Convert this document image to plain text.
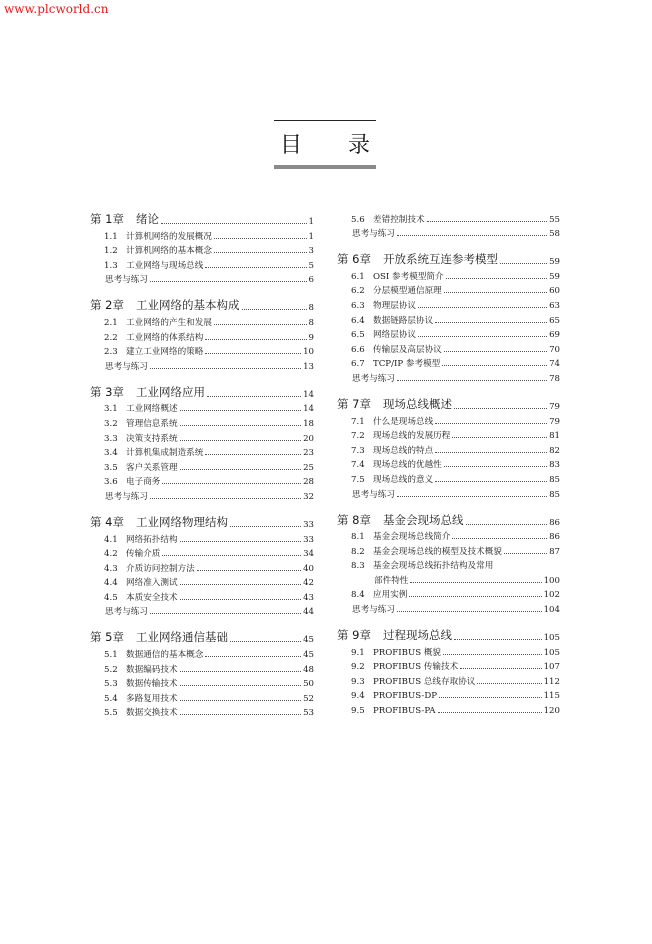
www.plcworld.cn
目 录
第 1章	绪论	1
1.1 计算机网络的发展概况	1
1.2 计算机网络的基本概念	3
1.3 工业网络与现场总线	5
思考与练习	6
第 2章	工业网络的基本构成	8
2.1 工业网络的产生和发展	8
2.2 工业网络的体系结构	9
2.3 建立工业网络的策略	10
思考与练习	13
第 3章	工业网络应用	14
3.1 工业网络概述	14
3.2 管理信息系统	18
3.3 决策支持系统	20
3.4 计算机集成制造系统	23
3.5 客户关系管理	25
3.6 电子商务	28
思考与练习	32
第 4章	工业网络物理结构	33
4.1 网络拓扑结构	33
4.2 传输介质	34
4.3 介质访问控制方法	40
4.4 网络准入测试	42
4.5 本质安全技术	43
思考与练习	44
第 5章	工业网络通信基础	45
5.1 数据通信的基本概念	45
5.2 数据编码技术	48
5.3 数据传输技术	50
5.4 多路复用技术	52
5.5 数据交换技术	53
5.6 差错控制技术	55
思考与练习	58
第 6章	开放系统互连参考模型	59
6.1 OSI 参考模型简介	59
6.2 分层模型通信原理	60
6.3 物理层协议	63
6.4 数据链路层协议	65
6.5 网络层协议	69
6.6 传输层及高层协议	70
6.7 TCP/IP 参考模型	74
思考与练习	78
第 7章	现场总线概述	79
7.1 什么是现场总线	79
7.2 现场总线的发展历程	81
7.3 现场总线的特点	82
7.4 现场总线的优越性	83
7.5 现场总线的意义	85
思考与练习	85
第 8章	基金会现场总线	86
8.1 基金会现场总线简介	86
8.2 基金会现场总线的模型及技术概貌	87
8.3 基金会现场总线拓扑结构及常用
部件特性	100
8.4 应用实例	102
思考与练习	104
第 9章	过程现场总线	105
9.1 PROFIBUS 概貌	105
9.2 PROFIBUS 传输技术	107
9.3 PROFIBUS 总线存取协议	112
9.4 PROFIBUS-DP	115
9.5 PROFIBUS-PA	120
